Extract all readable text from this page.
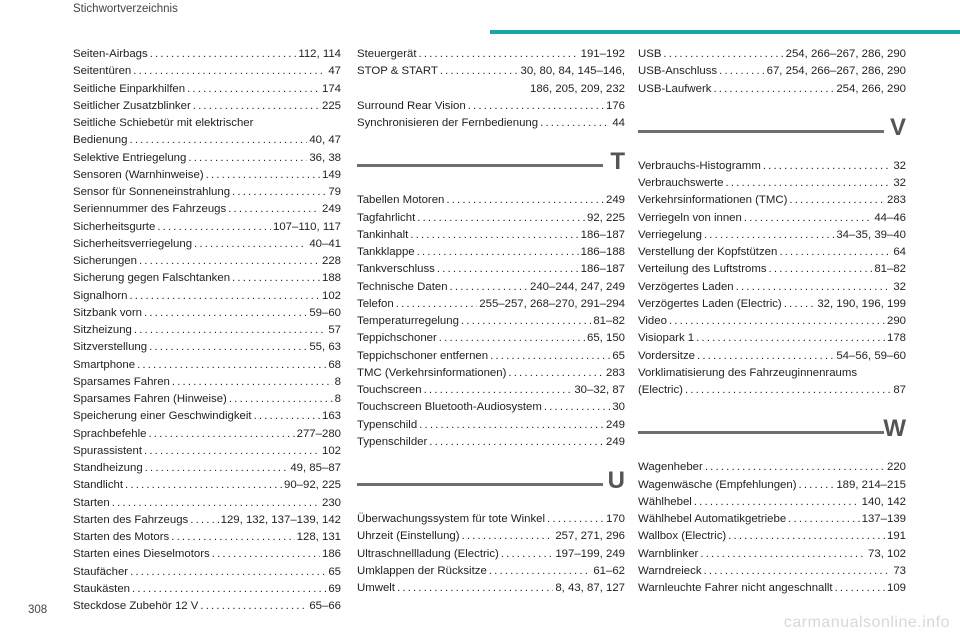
Stichwortverzeichnis
Seiten-Airbags . . .	112, 114
Seitentüren . . .	47
Seitliche Einparkhilfen . . .	174
Seitlicher Zusatzblinker . . .	225
Seitliche Schiebetür mit elektrischer
Bedienung . . .	40, 47
Selektive Entriegelung . . .	36, 38
Sensoren (Warnhinweise) . . .	149
Sensor für Sonneneinstrahlung . . .	79
Seriennummer des Fahrzeugs . . .	249
Sicherheitsgurte . . .	107–110, 117
Sicherheitsverriegelung . . .	40–41
Sicherungen . . .	228
Sicherung gegen Falschtanken . . .	188
Signalhorn . . .	102
Sitzbank vorn . . .	59–60
Sitzheizung . . .	57
Sitzverstellung . . .	55, 63
Smartphone . . .	68
Sparsames Fahren . . .	8
Sparsames Fahren (Hinweise) . . .	8
Speicherung einer Geschwindigkeit . . .	163
Sprachbefehle . . .	277–280
Spurassistent . . .	102
Standheizung . . .	49, 85–87
Standlicht . . .	90–92, 225
Starten . . .	230
Starten des Fahrzeugs . . .	129, 132, 137–139, 142
Starten des Motors . . .	128, 131
Starten eines Dieselmotors . . .	186
Staufächer . . .	65
Staukästen . . .	69
Steckdose Zubehör 12 V . . .	65–66
Steuergerät . . .	191–192
STOP & START . . .	30, 80, 84, 145–146,
186, 205, 209, 232
Surround Rear Vision . . .	176
Synchronisieren der Fernbedienung . . .	44
T
Tabellen Motoren . . .	249
Tagfahrlicht . . .	92, 225
Tankinhalt . . .	186–187
Tankklappe . . .	186–188
Tankverschluss . . .	186–187
Technische Daten . . .	240–244, 247, 249
Telefon . . .	255–257, 268–270, 291–294
Temperaturregelung . . .	81–82
Teppichschoner . . .	65, 150
Teppichschoner entfernen . . .	65
TMC (Verkehrsinformationen) . . .	283
Touchscreen . . .	30–32, 87
Touchscreen Bluetooth-Audiosystem . . .	30
Typenschild . . .	249
Typenschilder . . .	249
U
Überwachungssystem für tote Winkel . . .	170
Uhrzeit (Einstellung) . . .	257, 271, 296
Ultraschnellladung (Electric) . . .	197–199, 249
Umklappen der Rücksitze . . .	61–62
Umwelt . . .	8, 43, 87, 127
USB . . .	254, 266–267, 286, 290
USB-Anschluss . . .	67, 254, 266–267, 286, 290
USB-Laufwerk . . .	254, 266, 290
V
Verbrauchs-Histogramm . . .	32
Verbrauchswerte . . .	32
Verkehrsinformationen (TMC) . . .	283
Verriegeln von innen . . .	44–46
Verriegelung . . .	34–35, 39–40
Verstellung der Kopfstützen . . .	64
Verteilung des Luftstroms . . .	81–82
Verzögertes Laden . . .	32
Verzögertes Laden (Electric) . . .	32, 190, 196, 199
Video . . .	290
Visiopark 1 . . .	178
Vordersitze . . .	54–56, 59–60
Vorklimatisierung des Fahrzeuginnenraums
(Electric) . . .	87
W
Wagenheber . . .	220
Wagenwäsche (Empfehlungen) . . .	189, 214–215
Wählhebel . . .	140, 142
Wählhebel Automatikgetriebe . . .	137–139
Wallbox (Electric) . . .	191
Warnblinker . . .	73, 102
Warndreieck . . .	73
Warnleuchte Fahrer nicht angeschnallt . . .	109
308
carmanualsonline.info
